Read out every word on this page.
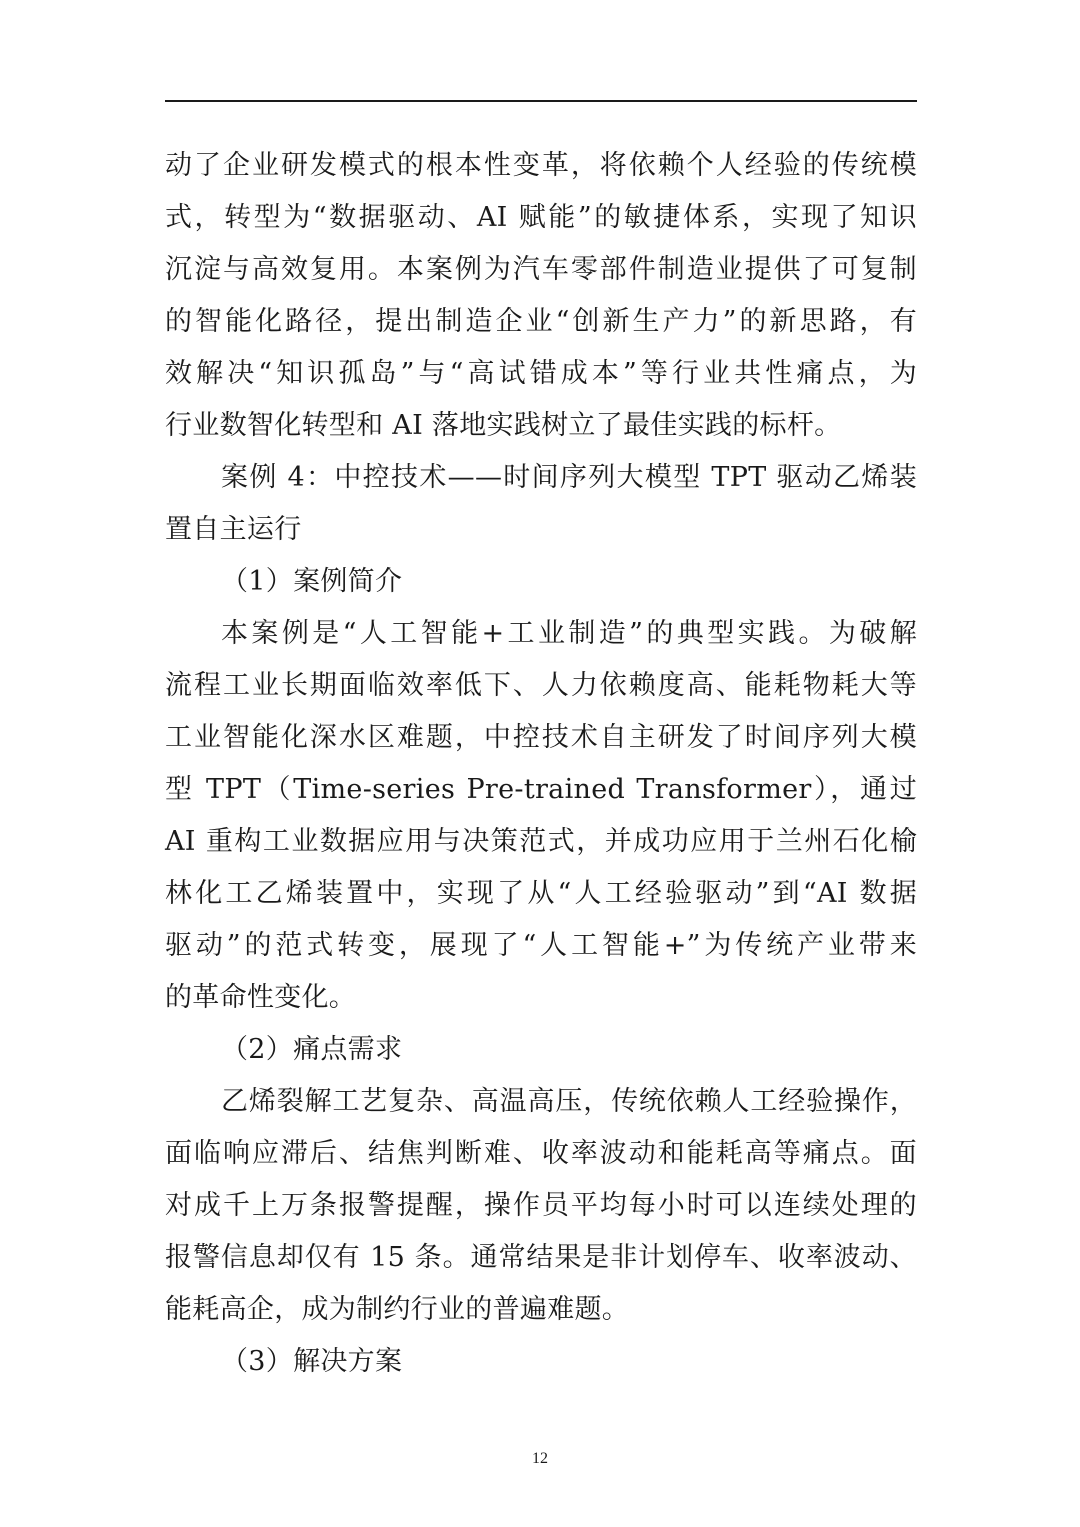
动了企业研发模式的根本性变革，将依赖个人经验的传统模
式，转型为“数据驱动、AI 赋能”的敏捷体系，实现了知识
沉淀与高效复用。本案例为汽车零部件制造业提供了可复制
的智能化路径，提出制造企业“创新生产力”的新思路，有
效解决“知识孤岛”与“高试错成本”等行业共性痛点，为
行业数智化转型和 AI 落地实践树立了最佳实践的标杆。
案例 4：中控技术——时间序列大模型 TPT 驱动乙烯装
置自主运行
（1）案例简介
本案例是“人工智能+工业制造”的典型实践。为破解
流程工业长期面临效率低下、人力依赖度高、能耗物耗大等
工业智能化深水区难题，中控技术自主研发了时间序列大模
型 TPT（Time-series Pre-trained Transformer），通过
AI 重构工业数据应用与决策范式，并成功应用于兰州石化榆
林化工乙烯装置中，实现了从“人工经验驱动”到“AI 数据
驱动”的范式转变，展现了“人工智能+”为传统产业带来
的革命性变化。
（2）痛点需求
乙烯裂解工艺复杂、高温高压，传统依赖人工经验操作，
面临响应滞后、结焦判断难、收率波动和能耗高等痛点。面
对成千上万条报警提醒，操作员平均每小时可以连续处理的
报警信息却仅有 15 条。通常结果是非计划停车、收率波动、
能耗高企，成为制约行业的普遍难题。
（3）解决方案
12
